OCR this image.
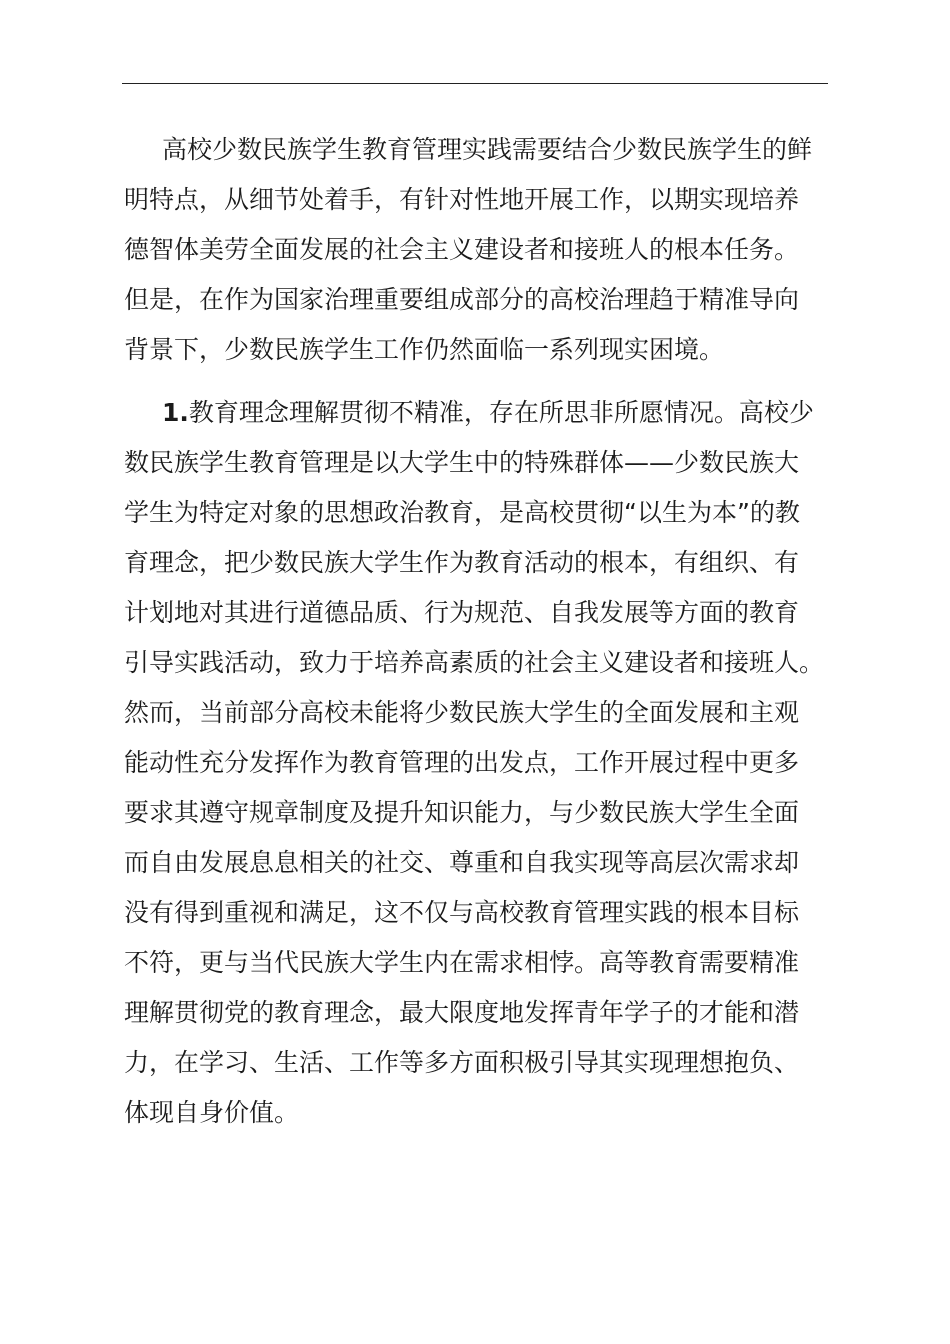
高校少数民族学生教育管理实践需要结合少数民族学生的鲜
明特点，从细节处着手，有针对性地开展工作，以期实现培养
德智体美劳全面发展的社会主义建设者和接班人的根本任务。
但是，在作为国家治理重要组成部分的高校治理趋于精准导向
背景下，少数民族学生工作仍然面临一系列现实困境。
1.教育理念理解贯彻不精准，存在所思非所愿情况。高校少
数民族学生教育管理是以大学生中的特殊群体——少数民族大
学生为特定对象的思想政治教育，是高校贯彻“以生为本”的教
育理念，把少数民族大学生作为教育活动的根本，有组织、有
计划地对其进行道德品质、行为规范、自我发展等方面的教育
引导实践活动，致力于培养高素质的社会主义建设者和接班人。
然而，当前部分高校未能将少数民族大学生的全面发展和主观
能动性充分发挥作为教育管理的出发点，工作开展过程中更多
要求其遵守规章制度及提升知识能力，与少数民族大学生全面
而自由发展息息相关的社交、尊重和自我实现等高层次需求却
没有得到重视和满足，这不仅与高校教育管理实践的根本目标
不符，更与当代民族大学生内在需求相悖。高等教育需要精准
理解贯彻党的教育理念，最大限度地发挥青年学子的才能和潜
力，在学习、生活、工作等多方面积极引导其实现理想抱负、
体现自身价值。
